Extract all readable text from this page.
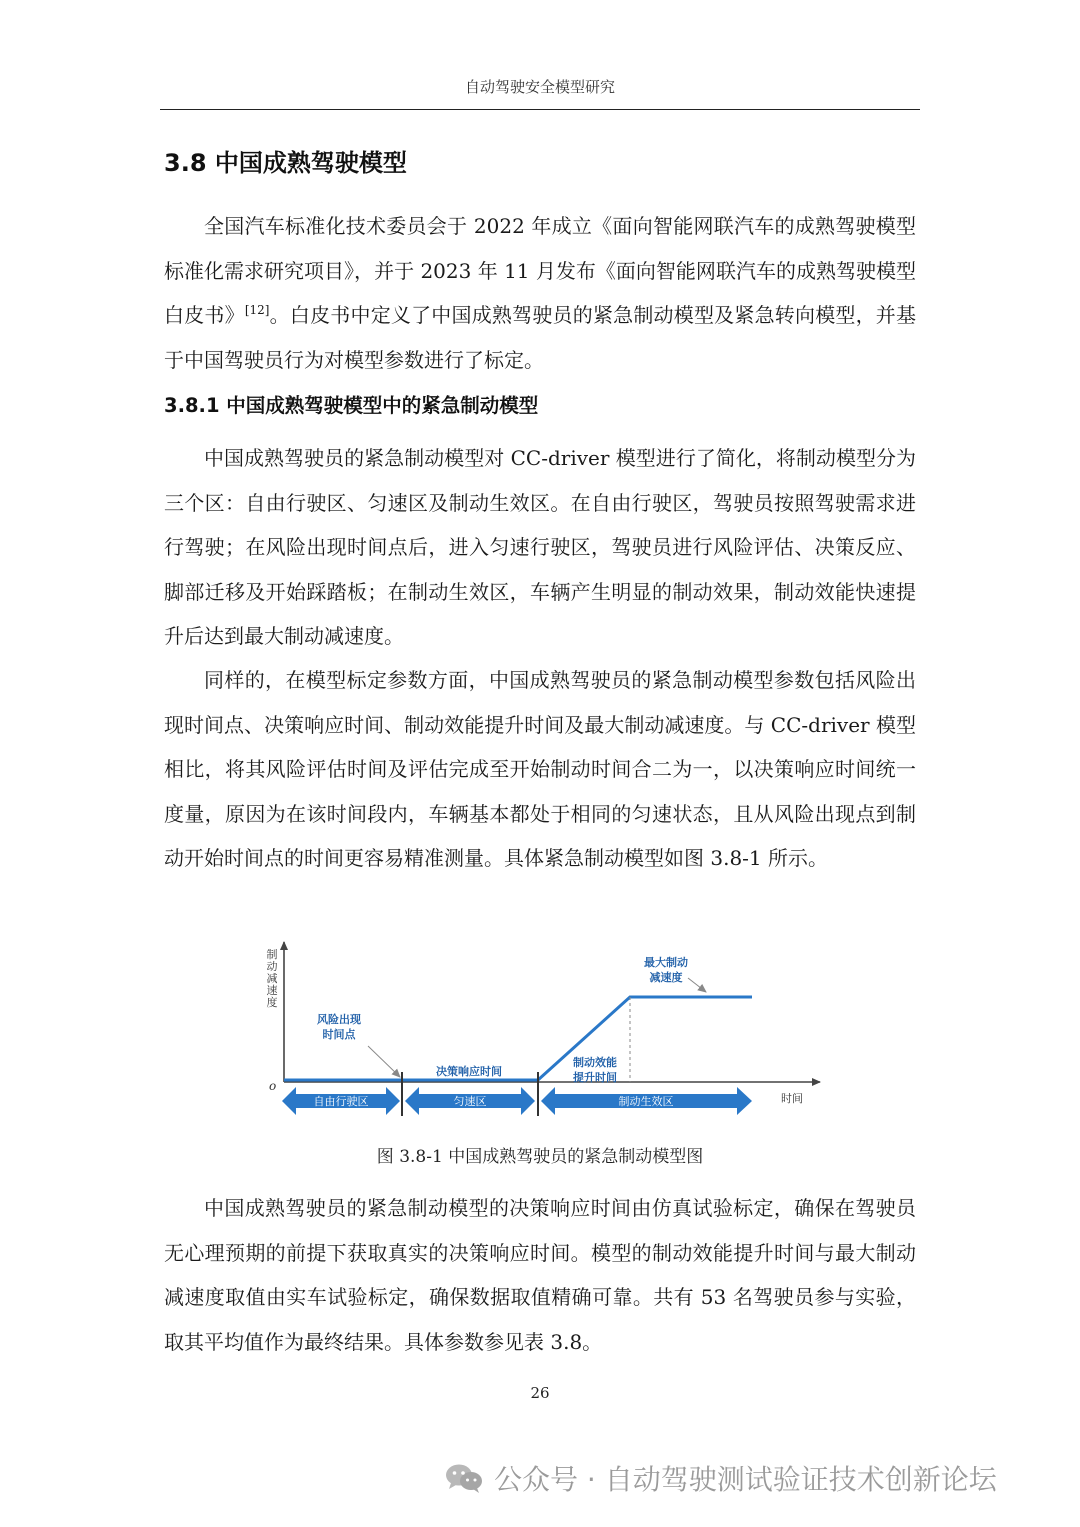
自动驾驶安全模型研究
3.8 中国成熟驾驶模型

全国汽车标准化技术委员会于 2022 年成立《面向智能网联汽车的成熟驾驶模型标准化需求研究项目》，并于 2023 年 11 月发布《面向智能网联汽车的成熟驾驶模型白皮书》[12]。白皮书中定义了中国成熟驾驶员的紧急制动模型及紧急转向模型，并基于中国驾驶员行为对模型参数进行了标定。

3.8.1 中国成熟驾驶模型中的紧急制动模型

中国成熟驾驶员的紧急制动模型对 CC-driver 模型进行了简化，将制动模型分为三个区：自由行驶区、匀速区及制动生效区。在自由行驶区，驾驶员按照驾驶需求进行驾驶；在风险出现时间点后，进入匀速行驶区，驾驶员进行风险评估、决策反应、脚部迁移及开始踩踏板；在制动生效区，车辆产生明显的制动效果，制动效能快速提升后达到最大制动减速度。

同样的，在模型标定参数方面，中国成熟驾驶员的紧急制动模型参数包括风险出现时间点、决策响应时间、制动效能提升时间及最大制动减速度。与 CC-driver 模型相比，将其风险评估时间及评估完成至开始制动时间合二为一，以决策响应时间统一度量，原因为在该时间段内，车辆基本都处于相同的匀速状态，且从风险出现点到制动开始时间点的时间更容易精准测量。具体紧急制动模型如图 3.8-1 所示。

制
动
减
速
度
o
时间
自由行驶区	匀速区	制动生效区
风险出现
时间点
最大制动
减速度
决策响应时间
制动效能
提升时间
图 3.8-1 中国成熟驾驶员的紧急制动模型图

中国成熟驾驶员的紧急制动模型的决策响应时间由仿真试验标定，确保在驾驶员无心理预期的前提下获取真实的决策响应时间。模型的制动效能提升时间与最大制动减速度取值由实车试验标定，确保数据取值精确可靠。共有 53 名驾驶员参与实验，取其平均值作为最终结果。具体参数参见表 3.8。

26
公众号 · 自动驾驶测试验证技术创新论坛
